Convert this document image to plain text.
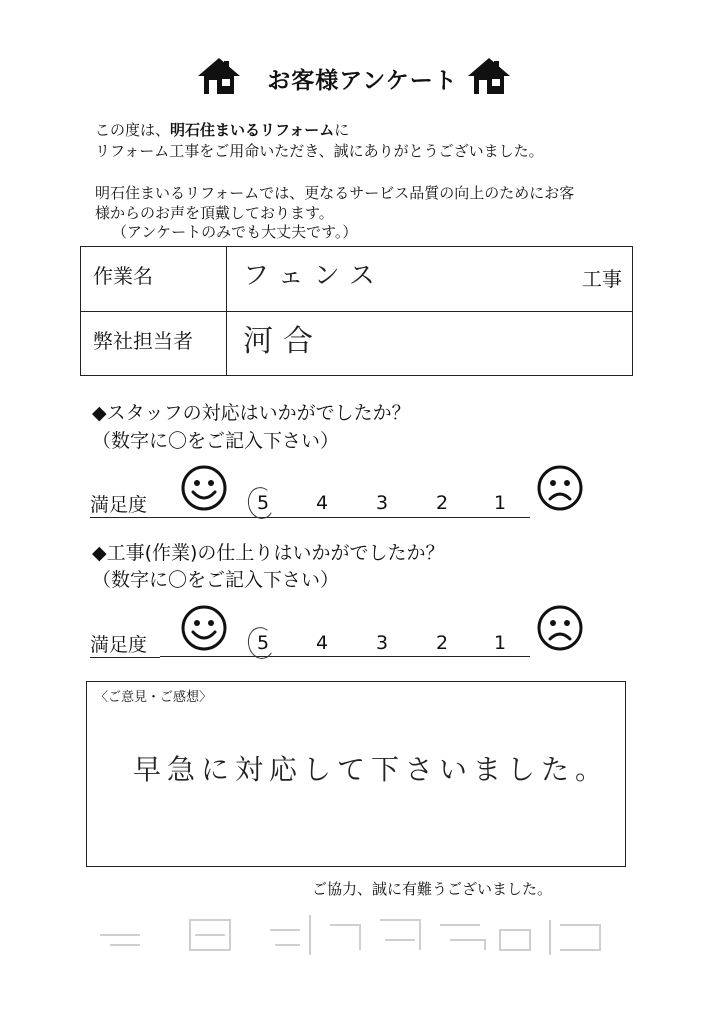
お客様アンケート
この度は、明石住まいるリフォームに
リフォーム工事をご用命いただき、誠にありがとうございました。
明石住まいるリフォームでは、更なるサービス品質の向上のためにお客
様からのお声を頂戴しております。
（アンケートのみでも大丈夫です。）
作業名	フェンス	工事
弊社担当者	河合
◆スタッフの対応はいかがでしたか？
（数字に〇をご記入下さい）
満足度	5 4	3	2 1
◆工事(作業)の仕上りはいかがでしたか？
（数字に〇をご記入下さい）
満足度	5 4	3	2 1
〈ご意見・ご感想〉
早急に対応して下さいました。
ご協力、誠に有難うございました。
